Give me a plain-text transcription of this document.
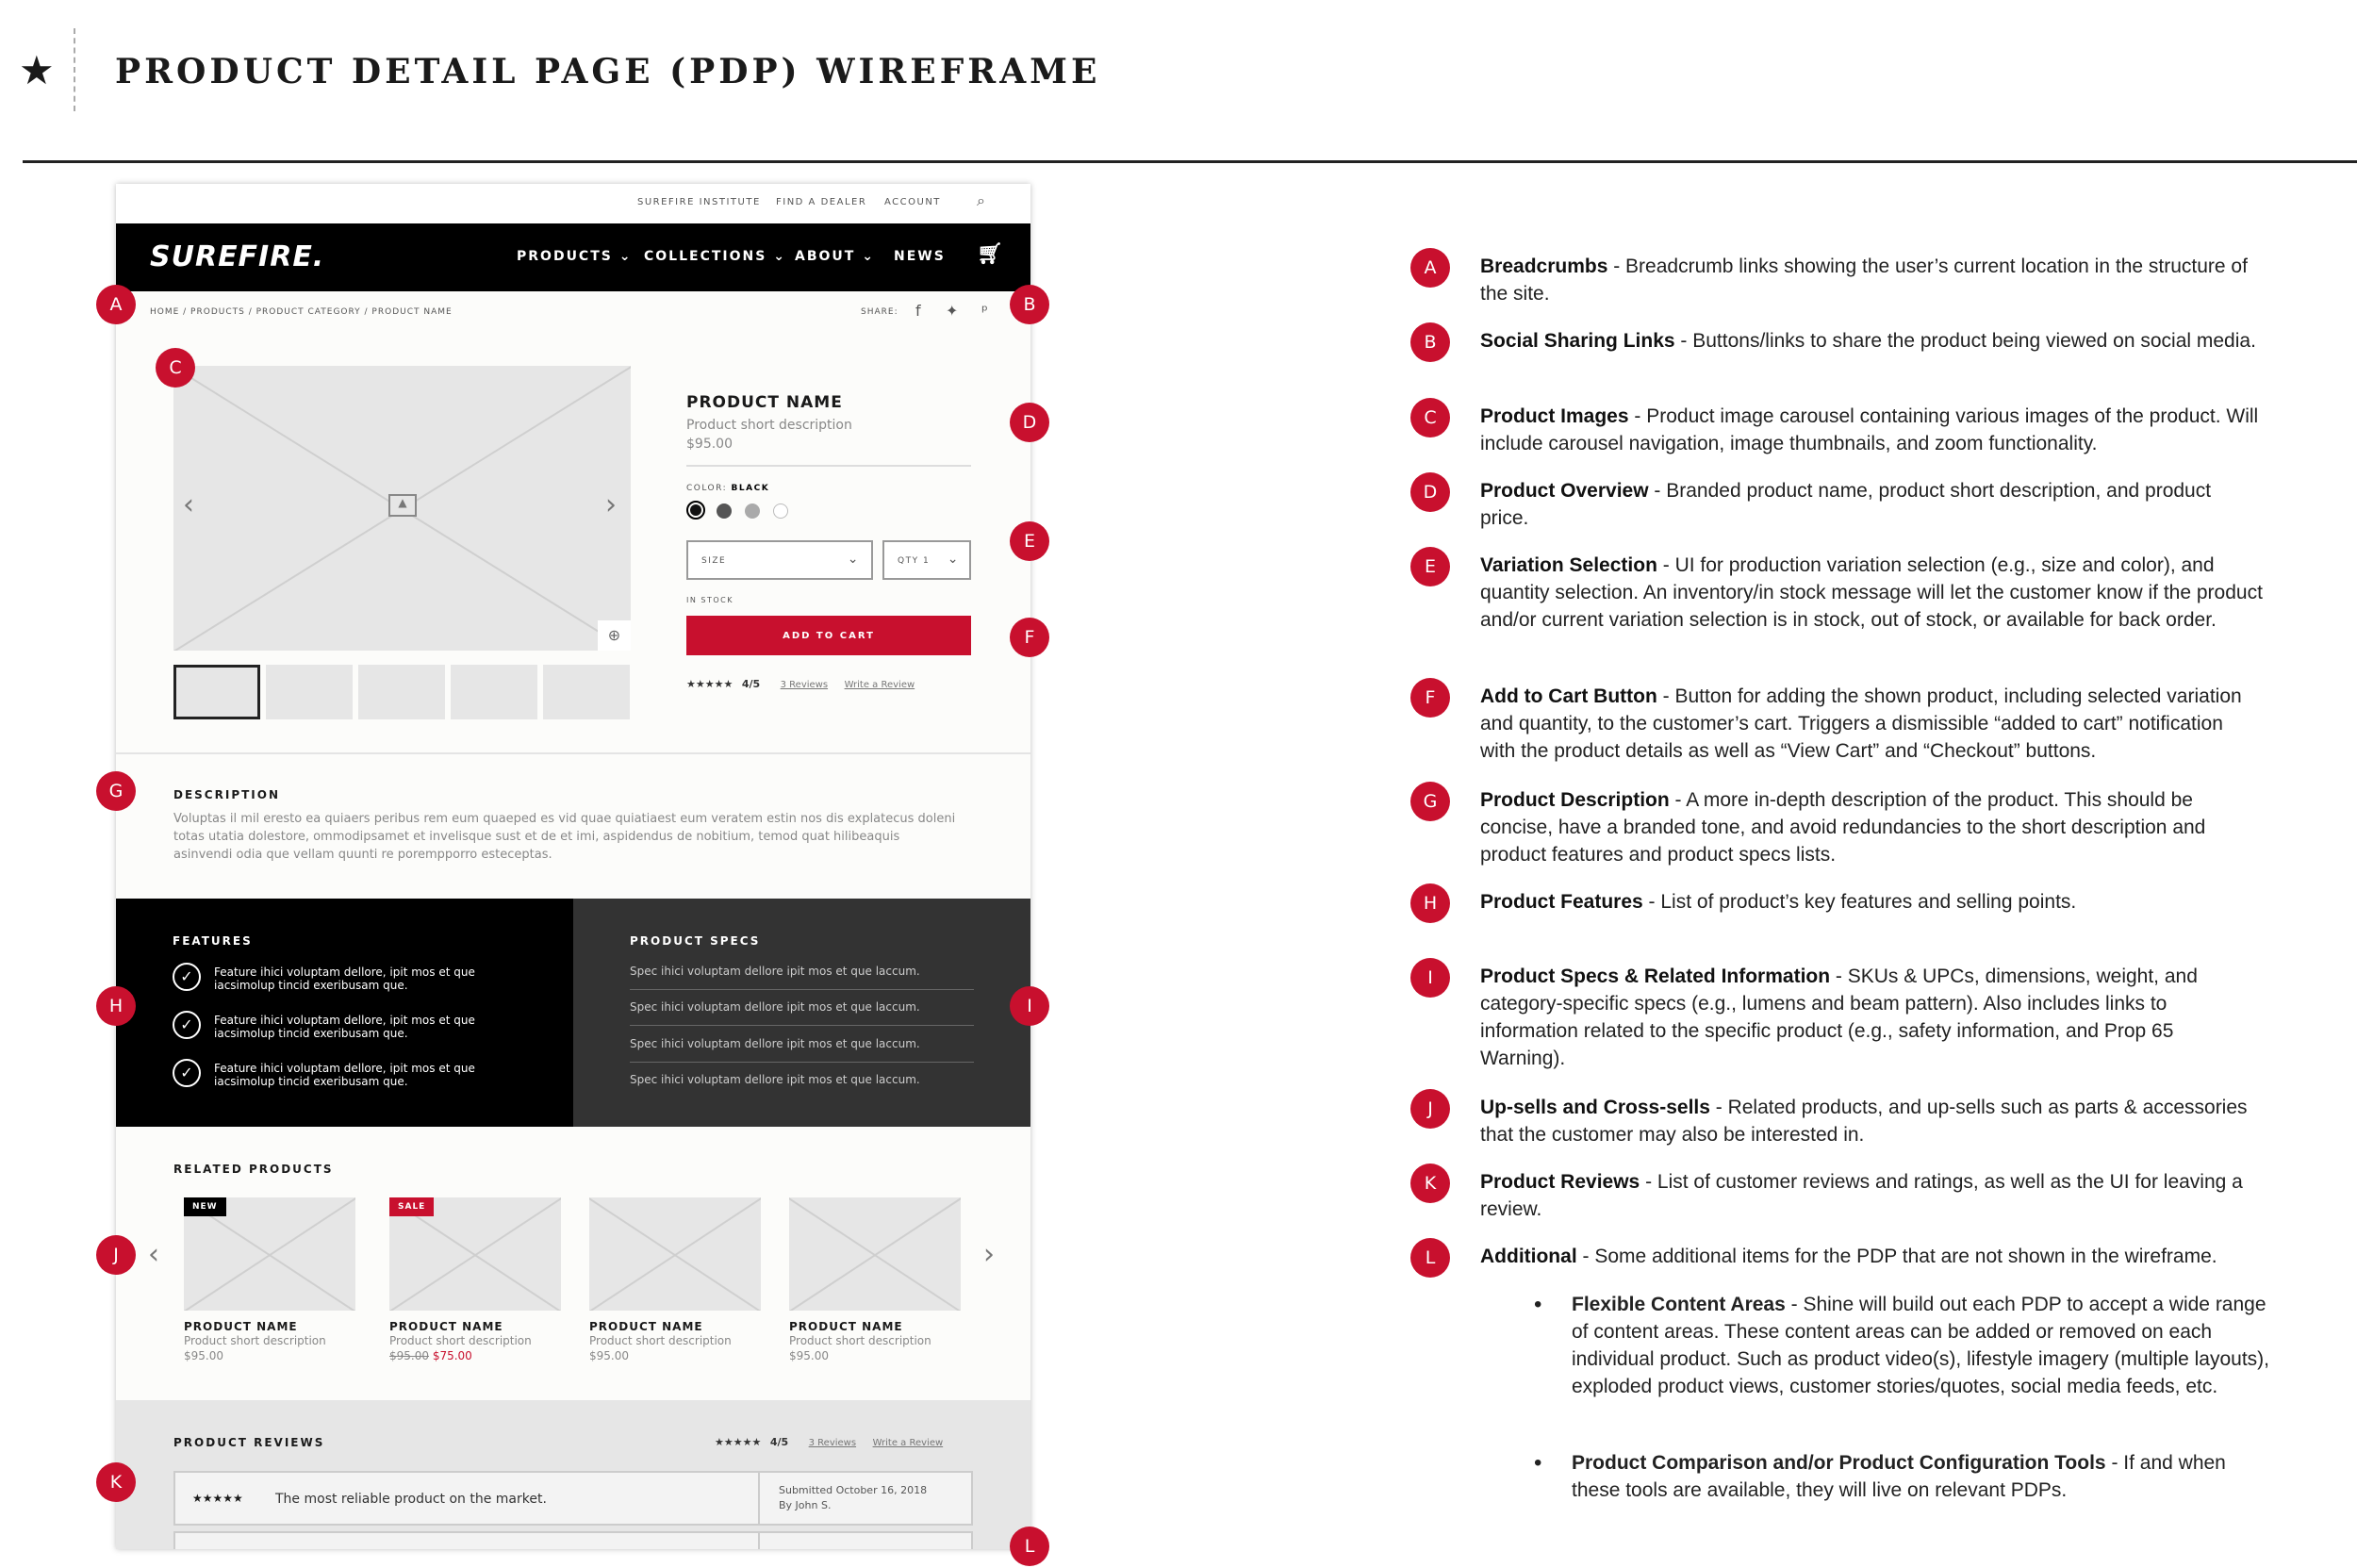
★ PRODUCT DETAIL PAGE (PDP) WIREFRAME
SUREFIRE INSTITUTE FIND A DEALER ACCOUNT ⌕
SUREFIRE.	PRODUCTS ⌄ COLLECTIONS ⌄ ABOUT ⌄ NEWS 🛒︎
HOME / PRODUCTS / PRODUCT CATEGORY / PRODUCT NAME	SHARE: f ✦ ᵖ
▲
‹	›
⊕
PRODUCT NAME
Product short description
$95.00
COLOR: BLACK
SIZE	⌄	QTY 1 ⌄
IN STOCK
ADD TO CART
★★★★★ 4/5 3 Reviews Write a Review
DESCRIPTION
Voluptas il mil eresto ea quiaers peribus rem eum quaeped es vid quae quiatiaest eum veratem estin nos dis explatecus doleni totas utatia dolestore, ommodipsamet et invelisque sust et de et imi, aspidendus de nobitium, temod quat hilibeaquis asinvendi odia que vellam quunti re porempporro esteceptas.
FEATURES
✓	Feature ihici voluptam dellore, ipit mos et que iacsimolup tincid exeribusam que.
✓	Feature ihici voluptam dellore, ipit mos et que iacsimolup tincid exeribusam que.
✓	Feature ihici voluptam dellore, ipit mos et que iacsimolup tincid exeribusam que.
PRODUCT SPECS
Spec ihici voluptam dellore ipit mos et que laccum.
Spec ihici voluptam dellore ipit mos et que laccum.
Spec ihici voluptam dellore ipit mos et que laccum.
Spec ihici voluptam dellore ipit mos et que laccum.
RELATED PRODUCTS
‹	›
NEW
PRODUCT NAME
Product short description
$95.00
SALE
PRODUCT NAME
Product short description
$95.00 $75.00
PRODUCT NAME
Product short description
$95.00
PRODUCT NAME
Product short description
$95.00
PRODUCT REVIEWS	★★★★★ 4/5 3 Reviews Write a Review
★★★★★ The most reliable product on the market.
Submitted October 16, 2018
By John S.
A	B
C
D
E
F
G
H	I
J
K
L
A	Breadcrumbs - Breadcrumb links showing the user’s current location in the structure of the site.
B	Social Sharing Links - Buttons/links to share the product being viewed on social media.
C	Product Images - Product image carousel containing various images of the product. Will include carousel navigation, image thumbnails, and zoom functionality.
D	Product Overview - Branded product name, product short description, and product price.
E	Variation Selection - UI for production variation selection (e.g., size and color), and quantity selection. An inventory/in stock message will let the customer know if the product and/or current variation selection is in stock, out of stock, or available for back order.
F	Add to Cart Button - Button for adding the shown product, including selected variation and quantity, to the customer’s cart. Triggers a dismissible “added to cart” notification with the product details as well as “View Cart” and “Checkout” buttons.
G	Product Description - A more in-depth description of the product. This should be concise, have a branded tone, and avoid redundancies to the short description and product features and product specs lists.
H	Product Features - List of product’s key features and selling points.
I	Product Specs & Related Information - SKUs & UPCs, dimensions, weight, and category-specific specs (e.g., lumens and beam pattern). Also includes links to information related to the specific product (e.g., safety information, and Prop 65 Warning).
J	Up-sells and Cross-sells - Related products, and up-sells such as parts & accessories that the customer may also be interested in.
K	Product Reviews - List of customer reviews and ratings, as well as the UI for leaving a review.
L	Additional - Some additional items for the PDP that are not shown in the wireframe.
• Flexible Content Areas - Shine will build out each PDP to accept a wide range of content areas. These content areas can be added or removed on each individual product. Such as product video(s), lifestyle imagery (multiple layouts), exploded product views, customer stories/quotes, social media feeds, etc.
• Product Comparison and/or Product Configuration Tools - If and when these tools are available, they will live on relevant PDPs.
